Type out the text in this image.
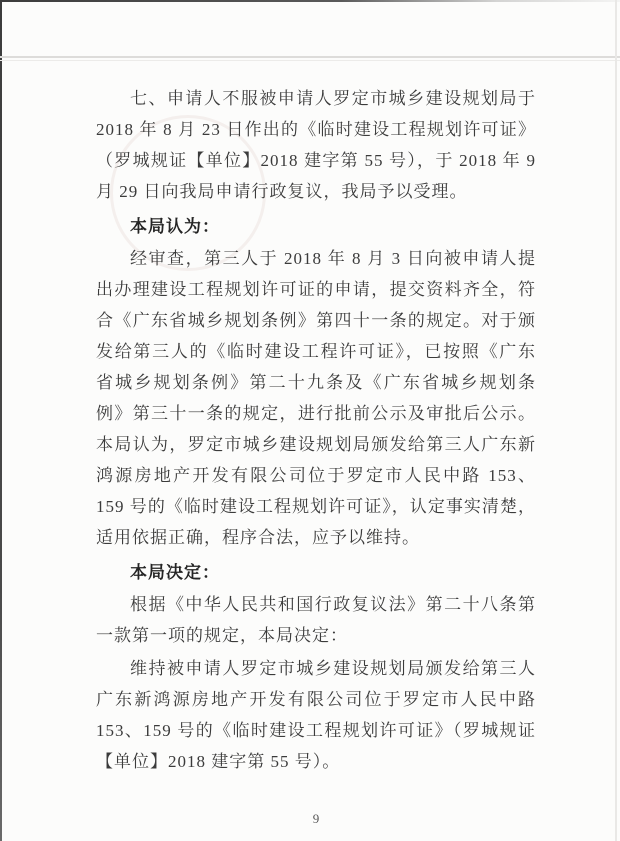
七、申请人不服被申请人罗定市城乡建设规划局于 2018 年 8 月 23 日作出的《临时建设工程规划许可证》（罗城规证【单位】2018 建字第 55 号），于 2018 年 9 月 29 日向我局申请行政复议，我局予以受理。

本局认为：

经审查，第三人于 2018 年 8 月 3 日向被申请人提出办理建设工程规划许可证的申请，提交资料齐全，符合《广东省城乡规划条例》第四十一条的规定。对于颁发给第三人的《临时建设工程许可证》，已按照《广东省城乡规划条例》第二十九条及《广东省城乡规划条例》第三十一条的规定，进行批前公示及审批后公示。本局认为，罗定市城乡建设规划局颁发给第三人广东新鸿源房地产开发有限公司位于罗定市人民中路 153、159 号的《临时建设工程规划许可证》，认定事实清楚，适用依据正确，程序合法，应予以维持。

本局决定：

根据《中华人民共和国行政复议法》第二十八条第一款第一项的规定，本局决定：

维持被申请人罗定市城乡建设规划局颁发给第三人广东新鸿源房地产开发有限公司位于罗定市人民中路 153、159 号的《临时建设工程规划许可证》（罗城规证【单位】2018 建字第 55 号）。

9
